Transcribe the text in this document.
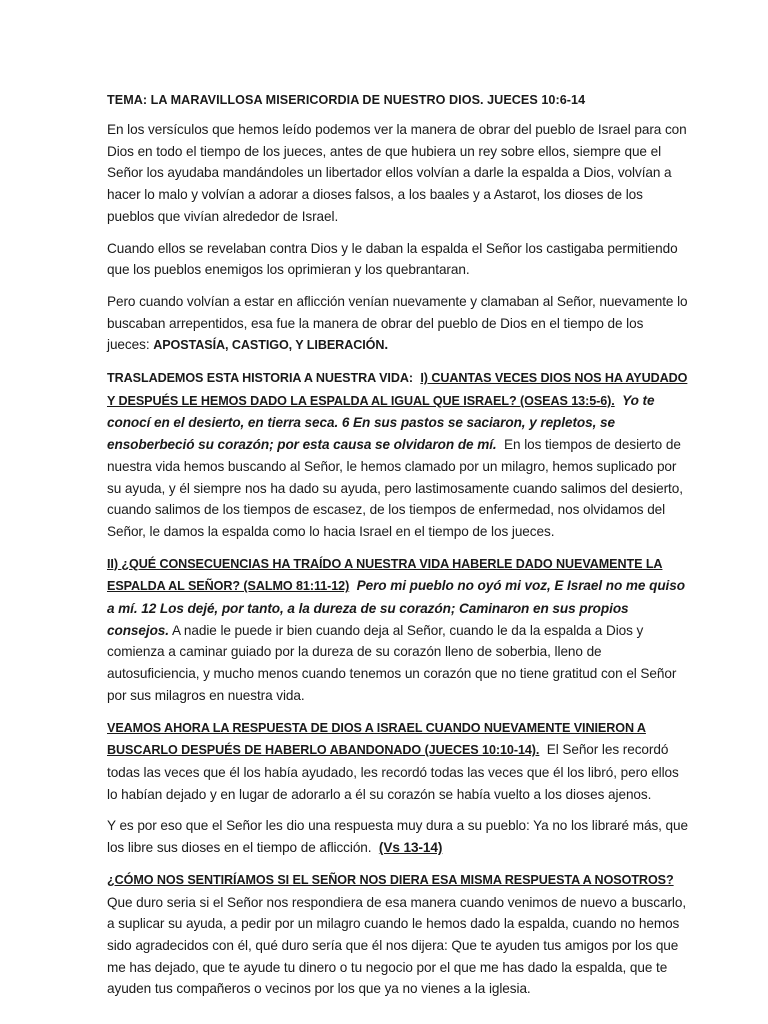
TEMA: LA MARAVILLOSA MISERICORDIA DE NUESTRO DIOS. JUECES 10:6-14

En los versículos que hemos leído podemos ver la manera de obrar del pueblo de Israel para con Dios en todo el tiempo de los jueces, antes de que hubiera un rey sobre ellos, siempre que el Señor los ayudaba mandándoles un libertador ellos volvían a darle la espalda a Dios, volvían a hacer lo malo y volvían a adorar a dioses falsos, a los baales y a Astarot, los dioses de los pueblos que vivían alrededor de Israel.

Cuando ellos se revelaban contra Dios y le daban la espalda el Señor los castigaba permitiendo que los pueblos enemigos los oprimieran y los quebrantaran.

Pero cuando volvían a estar en aflicción venían nuevamente y clamaban al Señor, nuevamente lo buscaban arrepentidos, esa fue la manera de obrar del pueblo de Dios en el tiempo de los jueces: APOSTASÍA, CASTIGO, Y LIBERACIÓN.

TRASLADEMOS ESTA HISTORIA A NUESTRA VIDA: I) CUANTAS VECES DIOS NOS HA AYUDADO Y DESPUÉS LE HEMOS DADO LA ESPALDA AL IGUAL QUE ISRAEL? (OSEAS 13:5-6). Yo te conocí en el desierto, en tierra seca. 6 En sus pastos se saciaron, y repletos, se ensoberbeció su corazón; por esta causa se olvidaron de mí. En los tiempos de desierto de nuestra vida hemos buscando al Señor, le hemos clamado por un milagro, hemos suplicado por su ayuda, y él siempre nos ha dado su ayuda, pero lastimosamente cuando salimos del desierto, cuando salimos de los tiempos de escasez, de los tiempos de enfermedad, nos olvidamos del Señor, le damos la espalda como lo hacia Israel en el tiempo de los jueces.

II) ¿QUÉ CONSECUENCIAS HA TRAÍDO A NUESTRA VIDA HABERLE DADO NUEVAMENTE LA ESPALDA AL SEÑOR? (SALMO 81:11-12) Pero mi pueblo no oyó mi voz, E Israel no me quiso a mí. 12 Los dejé, por tanto, a la dureza de su corazón; Caminaron en sus propios consejos. A nadie le puede ir bien cuando deja al Señor, cuando le da la espalda a Dios y comienza a caminar guiado por la dureza de su corazón lleno de soberbia, lleno de autosuficiencia, y mucho menos cuando tenemos un corazón que no tiene gratitud con el Señor por sus milagros en nuestra vida.

VEAMOS AHORA LA RESPUESTA DE DIOS A ISRAEL CUANDO NUEVAMENTE VINIERON A BUSCARLO DESPUÉS DE HABERLO ABANDONADO (JUECES 10:10-14). El Señor les recordó todas las veces que él los había ayudado, les recordó todas las veces que él los libró, pero ellos lo habían dejado y en lugar de adorarlo a él su corazón se había vuelto a los dioses ajenos.

Y es por eso que el Señor les dio una respuesta muy dura a su pueblo: Ya no los libraré más, que los libre sus dioses en el tiempo de aflicción. (Vs 13-14)

¿CÓMO NOS SENTIRÍAMOS SI EL SEÑOR NOS DIERA ESA MISMA RESPUESTA A NOSOTROS? Que duro seria si el Señor nos respondiera de esa manera cuando venimos de nuevo a buscarlo, a suplicar su ayuda, a pedir por un milagro cuando le hemos dado la espalda, cuando no hemos sido agradecidos con él, qué duro sería que él nos dijera: Que te ayuden tus amigos por los que me has dejado, que te ayude tu dinero o tu negocio por el que me has dado la espalda, que te ayuden tus compañeros o vecinos por los que ya no vienes a la iglesia.
